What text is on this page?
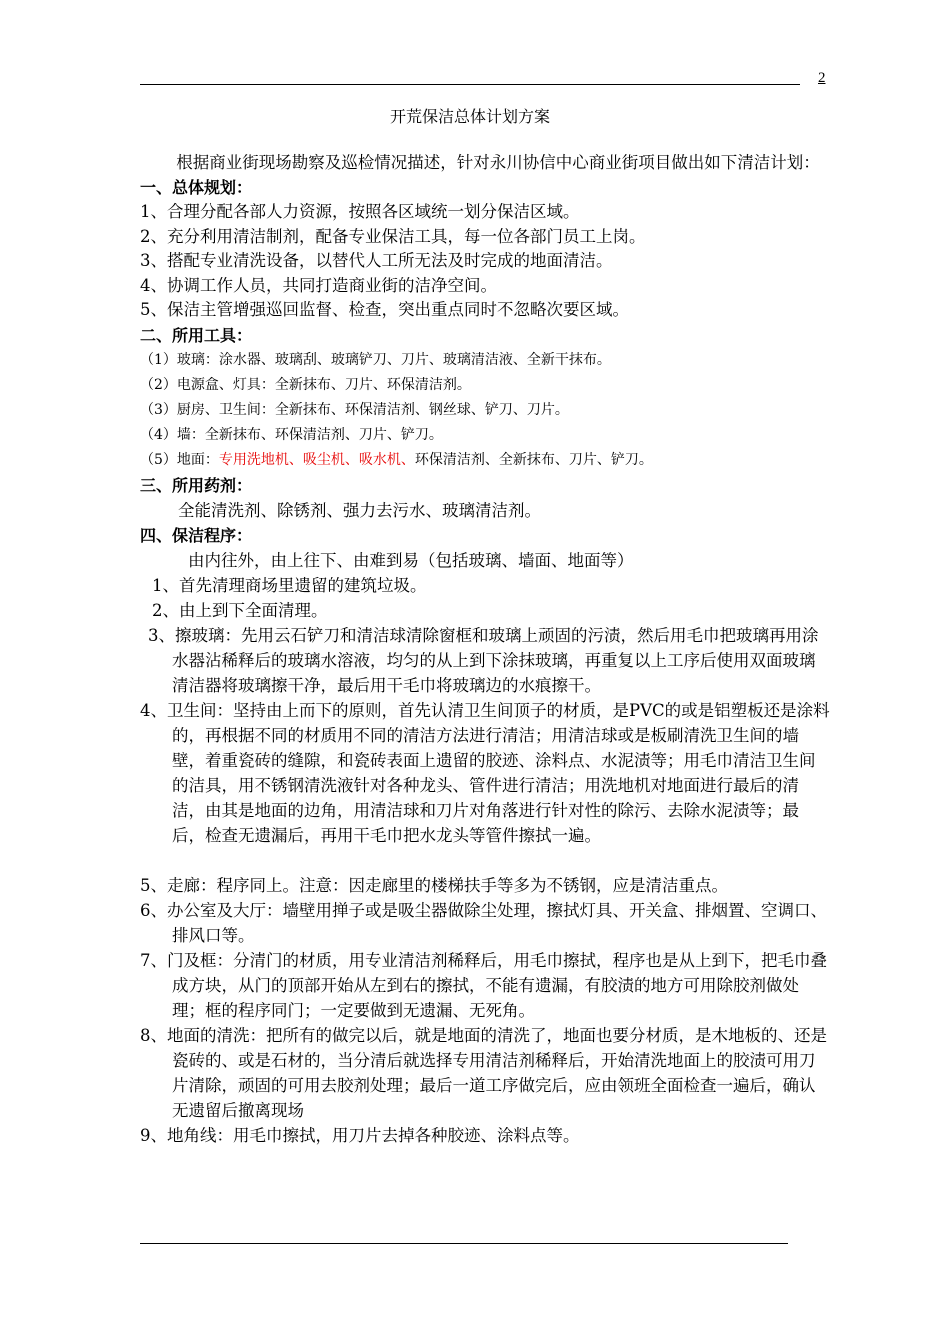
2
开荒保洁总体计划方案

根据商业街现场勘察及巡检情况描述，针对永川协信中心商业街项目做出如下清洁计划：

一、总体规划：

1、合理分配各部人力资源，按照各区域统一划分保洁区域。

2、充分利用清洁制剂，配备专业保洁工具，每一位各部门员工上岗。

3、搭配专业清洗设备，以替代人工所无法及时完成的地面清洁。

4、协调工作人员，共同打造商业街的洁净空间。

5、保洁主管增强巡回监督、检查，突出重点同时不忽略次要区域。

二、所用工具：

（1）玻璃：涂水器、玻璃刮、玻璃铲刀、刀片、玻璃清洁液、全新干抹布。

（2）电源盒、灯具：全新抹布、刀片、环保清洁剂。

（3）厨房、卫生间：全新抹布、环保清洁剂、钢丝球、铲刀、刀片。

（4）墙：全新抹布、环保清洁剂、刀片、铲刀。

（5）地面：专用洗地机、吸尘机、吸水机、环保清洁剂、全新抹布、刀片、铲刀。

三、所用药剂：

全能清洗剂、除锈剂、强力去污水、玻璃清洁剂。

四、保洁程序：

由内往外，由上往下、由难到易（包括玻璃、墙面、地面等）

1、首先清理商场里遗留的建筑垃圾。

2、由上到下全面清理。

3、擦玻璃：先用云石铲刀和清洁球清除窗框和玻璃上顽固的污渍，然后用毛巾把玻璃再用涂水器沾稀释后的玻璃水溶液，均匀的从上到下涂抹玻璃，再重复以上工序后使用双面玻璃清洁器将玻璃擦干净，最后用干毛巾将玻璃边的水痕擦干。

4、卫生间：坚持由上而下的原则，首先认清卫生间顶子的材质，是PVC的或是铝塑板还是涂料的，再根据不同的材质用不同的清洁方法进行清洁；用清洁球或是板刷清洗卫生间的墙壁，着重瓷砖的缝隙，和瓷砖表面上遗留的胶迹、涂料点、水泥渍等；用毛巾清洁卫生间的洁具，用不锈钢清洗液针对各种龙头、管件进行清洁；用洗地机对地面进行最后的清洁，由其是地面的边角，用清洁球和刀片对角落进行针对性的除污、去除水泥渍等；最后，检查无遗漏后，再用干毛巾把水龙头等管件擦拭一遍。

5、走廊：程序同上。注意：因走廊里的楼梯扶手等多为不锈钢，应是清洁重点。

6、办公室及大厅：墙壁用掸子或是吸尘器做除尘处理，擦拭灯具、开关盒、排烟置、空调口、排风口等。

7、门及框：分清门的材质，用专业清洁剂稀释后，用毛巾擦拭，程序也是从上到下，把毛巾叠成方块，从门的顶部开始从左到右的擦拭，不能有遗漏，有胶渍的地方可用除胶剂做处理；框的程序同门；一定要做到无遗漏、无死角。

8、地面的清洗：把所有的做完以后，就是地面的清洗了，地面也要分材质，是木地板的、还是瓷砖的、或是石材的，当分清后就选择专用清洁剂稀释后，开始清洗地面上的胶渍可用刀片清除，顽固的可用去胶剂处理；最后一道工序做完后，应由领班全面检查一遍后，确认无遗留后撤离现场

9、地角线：用毛巾擦拭，用刀片去掉各种胶迹、涂料点等。
